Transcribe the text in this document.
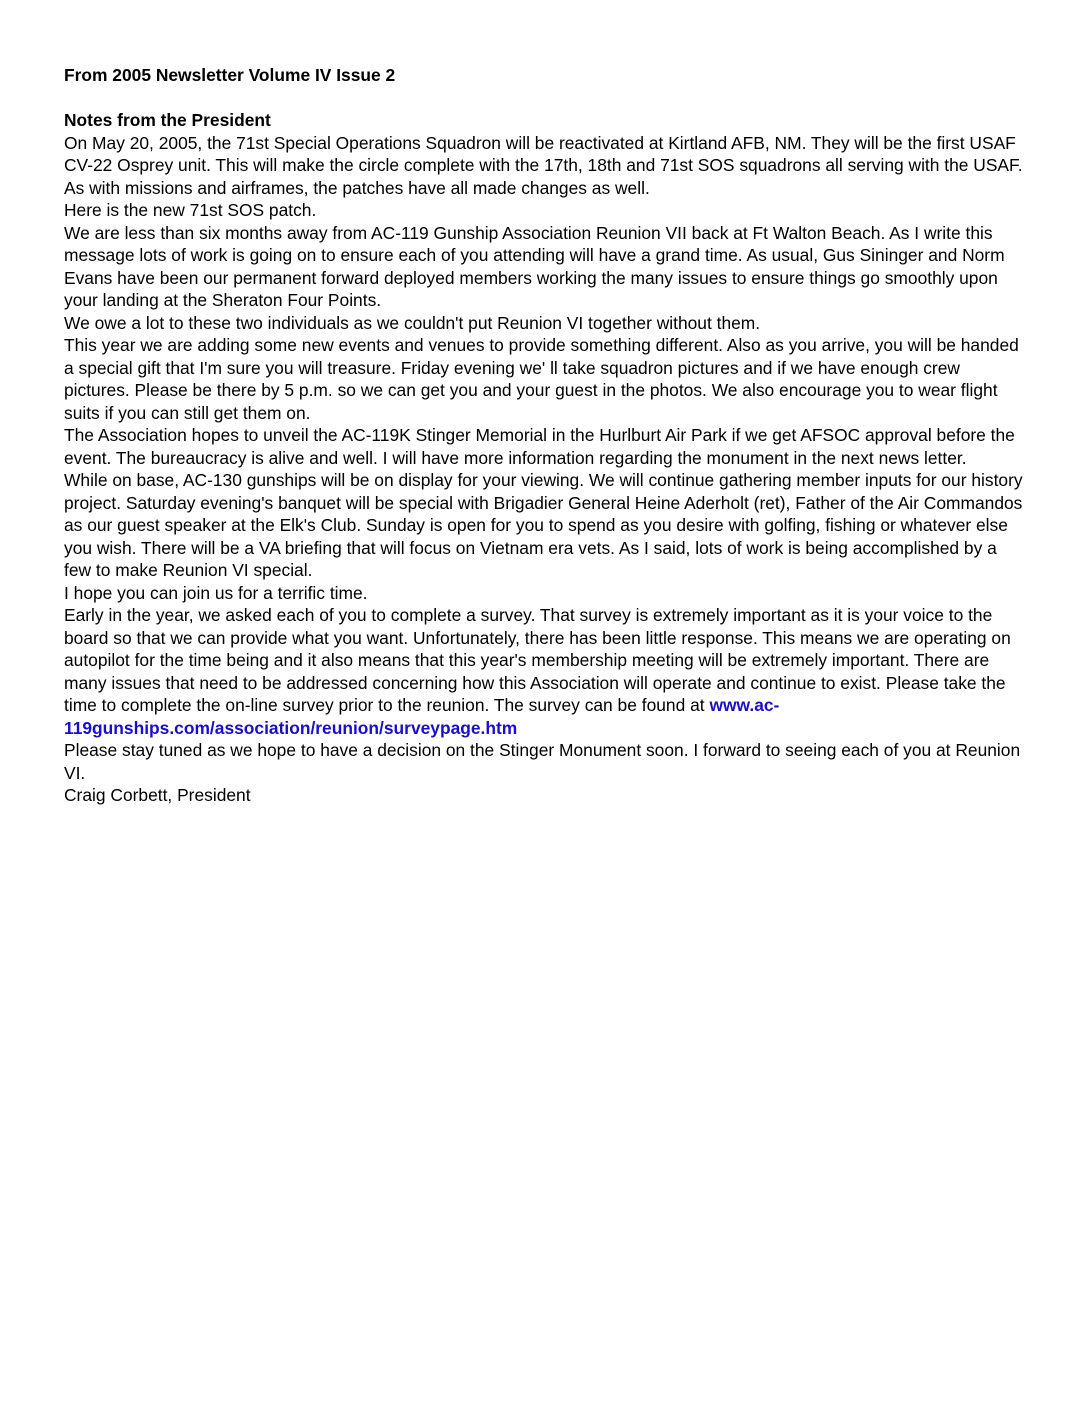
From 2005 Newsletter Volume IV Issue 2

Notes from the President

On May 20, 2005, the 71st Special Operations Squadron will be reactivated at Kirtland AFB, NM. They will be the first USAF CV-22 Osprey unit. This will make the circle complete with the 17th, 18th and 71st SOS squadrons all serving with the USAF. As with missions and airframes, the patches have all made changes as well.

Here is the new 71st SOS patch.

We are less than six months away from AC-119 Gunship Association Reunion VII back at Ft Walton Beach. As I write this message lots of work is going on to ensure each of you attending will have a grand time. As usual, Gus Sininger and Norm Evans have been our permanent forward deployed members working the many issues to ensure things go smoothly upon your landing at the Sheraton Four Points.

We owe a lot to these two individuals as we couldn't put Reunion VI together without them.

This year we are adding some new events and venues to provide something different. Also as you arrive, you will be handed a special gift that I'm sure you will treasure. Friday evening we' ll take squadron pictures and if we have enough crew pictures. Please be there by 5 p.m. so we can get you and your guest in the photos. We also encourage you to wear flight suits if you can still get them on.

The Association hopes to unveil the AC-119K Stinger Memorial in the Hurlburt Air Park if we get AFSOC approval before the event. The bureaucracy is alive and well. I will have more information regarding the monument in the next news letter.

While on base, AC-130 gunships will be on display for your viewing. We will continue gathering member inputs for our history project. Saturday evening's banquet will be special with Brigadier General Heine Aderholt (ret), Father of the Air Commandos as our guest speaker at the Elk's Club. Sunday is open for you to spend as you desire with golfing, fishing or whatever else you wish. There will be a VA briefing that will focus on Vietnam era vets. As I said, lots of work is being accomplished by a few to make Reunion VI special.

I hope you can join us for a terrific time.

Early in the year, we asked each of you to complete a survey. That survey is extremely important as it is your voice to the board so that we can provide what you want. Unfortunately, there has been little response. This means we are operating on autopilot for the time being and it also means that this year's membership meeting will be extremely important. There are many issues that need to be addressed concerning how this Association will operate and continue to exist. Please take the time to complete the on-line survey prior to the reunion. The survey can be found at www.ac-119gunships.com/association/reunion/surveypage.htm

Please stay tuned as we hope to have a decision on the Stinger Monument soon. I forward to seeing each of you at Reunion VI.

Craig Corbett, President
